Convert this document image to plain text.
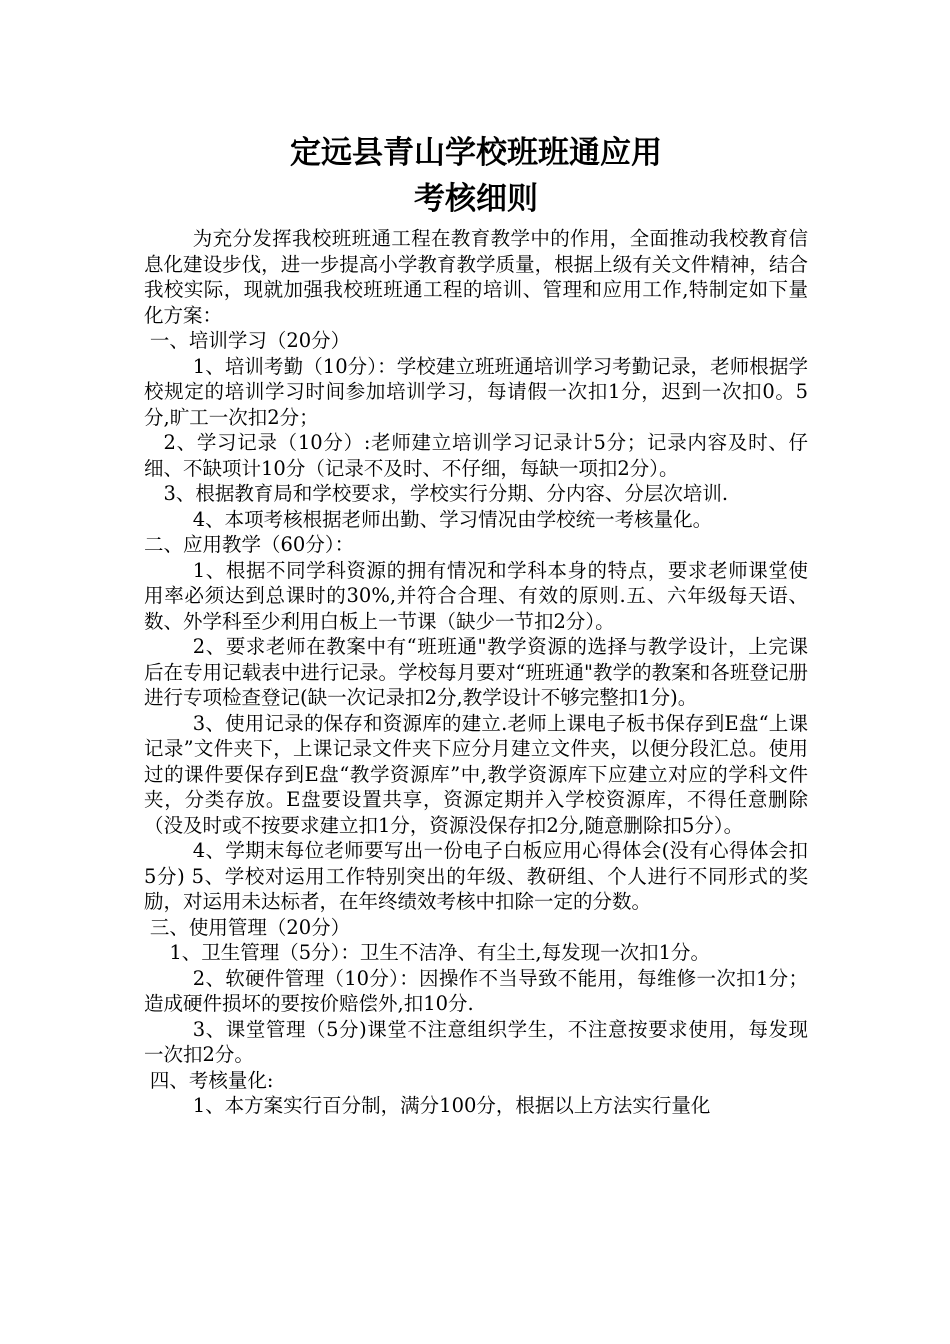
定远县青山学校班班通应用
考核细则

为充分发挥我校班班通工程在教育教学中的作用，全面推动我校教育信息化建设步伐，进一步提高小学教育教学质量，根据上级有关文件精神，结合我校实际，现就加强我校班班通工程的培训、管理和应用工作,特制定如下量化方案：

一、培训学习（20分）

1、培训考勤（10分）：学校建立班班通培训学习考勤记录，老师根据学校规定的培训学习时间参加培训学习，每请假一次扣1分，迟到一次扣0。5分,旷工一次扣2分；

2、学习记录（10分）:老师建立培训学习记录计5分；记录内容及时、仔细、不缺项计10分（记录不及时、不仔细，每缺一项扣2分）。

3、根据教育局和学校要求，学校实行分期、分内容、分层次培训.

4、本项考核根据老师出勤、学习情况由学校统一考核量化。

二、应用教学（60分）：

1、根据不同学科资源的拥有情况和学科本身的特点，要求老师课堂使用率必须达到总课时的30%,并符合合理、有效的原则.五、六年级每天语、数、外学科至少利用白板上一节课（缺少一节扣2分）。

2、要求老师在教案中有“班班通"教学资源的选择与教学设计，上完课后在专用记载表中进行记录。学校每月要对“班班通"教学的教案和各班登记册进行专项检查登记(缺一次记录扣2分,教学设计不够完整扣1分)。

3、使用记录的保存和资源库的建立.老师上课电子板书保存到E盘“上课记录”文件夹下，上课记录文件夹下应分月建立文件夹，以便分段汇总。使用过的课件要保存到E盘“教学资源库”中,教学资源库下应建立对应的学科文件夹，分类存放。E盘要设置共享，资源定期并入学校资源库，不得任意删除（没及时或不按要求建立扣1分，资源没保存扣2分,随意删除扣5分）。

4、学期末每位老师要写出一份电子白板应用心得体会(没有心得体会扣5分) 5、学校对运用工作特别突出的年级、教研组、个人进行不同形式的奖励，对运用未达标者，在年终绩效考核中扣除一定的分数。

三、使用管理（20分）

1、卫生管理（5分）：卫生不洁净、有尘土,每发现一次扣1分。

2、软硬件管理（10分）：因操作不当导致不能用，每维修一次扣1分；造成硬件损坏的要按价赔偿外,扣10分.

3、课堂管理（5分)课堂不注意组织学生，不注意按要求使用，每发现一次扣2分。

四、考核量化:

1、本方案实行百分制，满分100分，根据以上方法实行量化
